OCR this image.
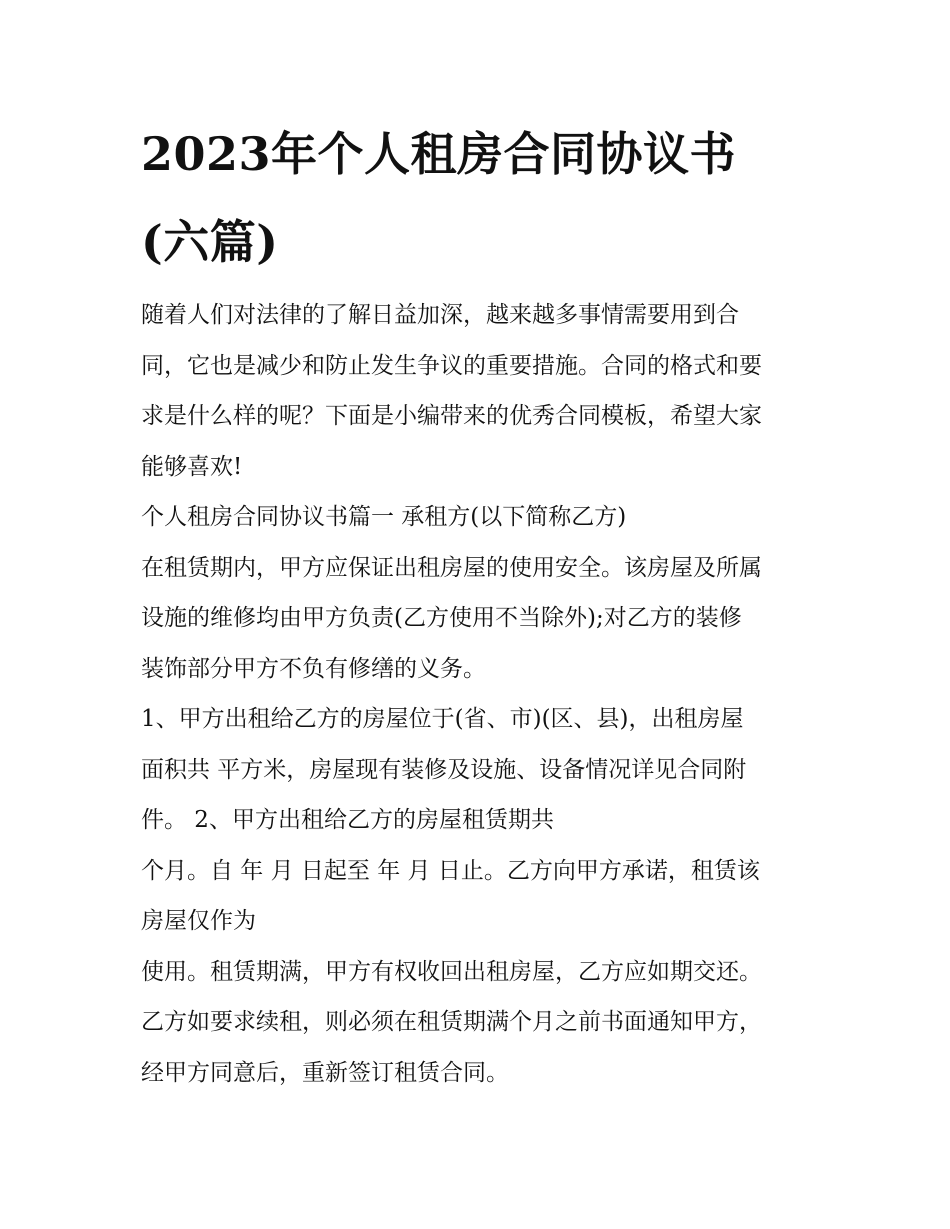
2023年个人租房合同协议书
(六篇)
随着人们对法律的了解日益加深，越来越多事情需要用到合
同，它也是减少和防止发生争议的重要措施。合同的格式和要
求是什么样的呢？下面是小编带来的优秀合同模板，希望大家
能够喜欢!
个人租房合同协议书篇一 承租方(以下简称乙方)
在租赁期内，甲方应保证出租房屋的使用安全。该房屋及所属
设施的维修均由甲方负责(乙方使用不当除外);对乙方的装修
装饰部分甲方不负有修缮的义务。
1、甲方出租给乙方的房屋位于(省、市)(区、县)，出租房屋
面积共 平方米，房屋现有装修及设施、设备情况详见合同附
件。 2、甲方出租给乙方的房屋租赁期共
个月。自 年 月 日起至 年 月 日止。乙方向甲方承诺，租赁该
房屋仅作为
使用。租赁期满，甲方有权收回出租房屋，乙方应如期交还。
乙方如要求续租，则必须在租赁期满个月之前书面通知甲方，
经甲方同意后，重新签订租赁合同。
